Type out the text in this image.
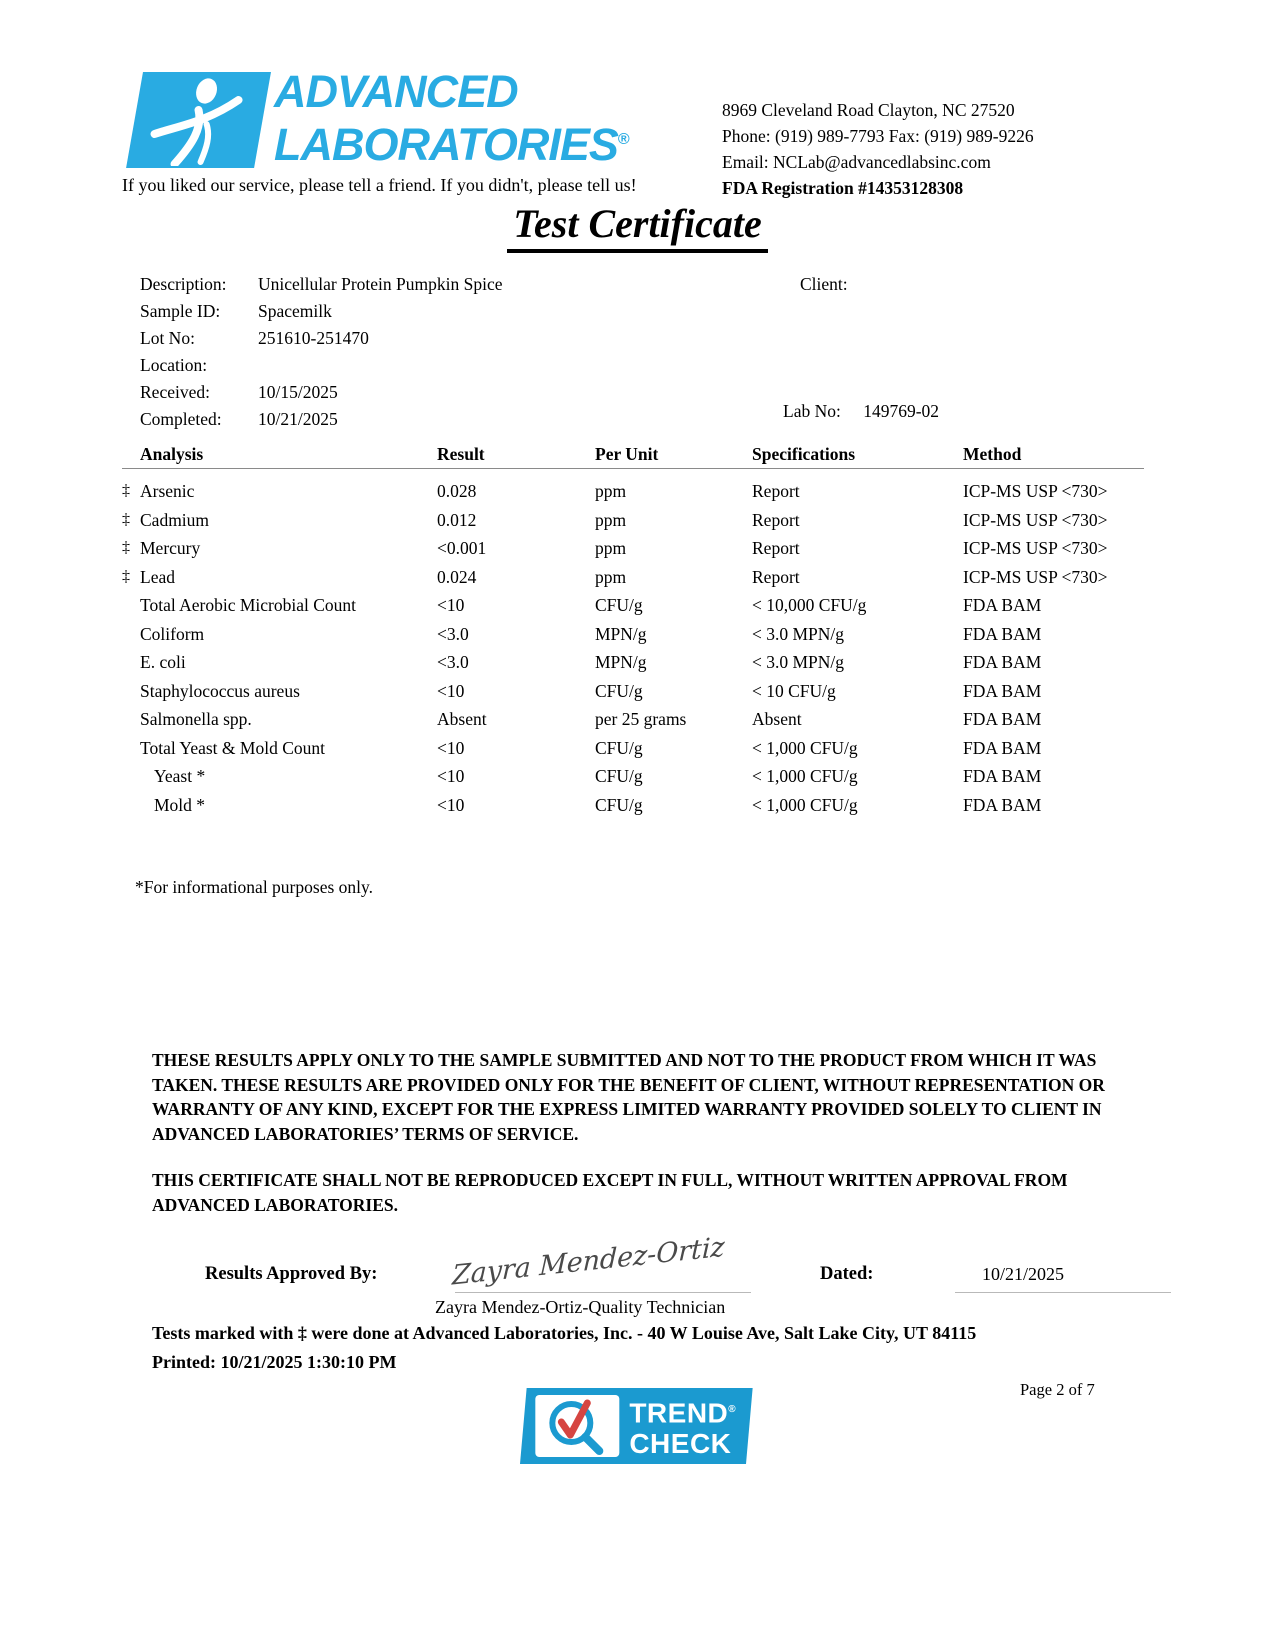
ADVANCED
LABORATORIES®
If you liked our service, please tell a friend. If you didn't, please tell us!
8969 Cleveland Road Clayton, NC 27520
Phone: (919) 989-7793 Fax: (919) 989-9226
Email: NCLab@advancedlabsinc.com
FDA Registration #14353128308
Test Certificate
Description:	Unicellular Protein Pumpkin Spice
Sample ID:	Spacemilk
Lot No:	251610-251470
Location:
Received:	10/15/2025
Completed:	10/21/2025
Client:
Lab No: 149769-02
Analysis	Result	Per Unit	Specifications	Method
‡ Arsenic	0.028	ppm	Report	ICP-MS USP <730>
‡ Cadmium	0.012	ppm	Report	ICP-MS USP <730>
‡ Mercury	<0.001	ppm	Report	ICP-MS USP <730>
‡ Lead	0.024	ppm	Report	ICP-MS USP <730>
Total Aerobic Microbial Count	<10	CFU/g	< 10,000 CFU/g	FDA BAM
Coliform	<3.0	MPN/g	< 3.0 MPN/g	FDA BAM
E. coli	<3.0	MPN/g	< 3.0 MPN/g	FDA BAM
Staphylococcus aureus	<10	CFU/g	< 10 CFU/g	FDA BAM
Salmonella spp.	Absent	per 25 grams	Absent	FDA BAM
Total Yeast & Mold Count	<10	CFU/g	< 1,000 CFU/g	FDA BAM
Yeast *	<10	CFU/g	< 1,000 CFU/g	FDA BAM
Mold *	<10	CFU/g	< 1,000 CFU/g	FDA BAM
*For informational purposes only.

THESE RESULTS APPLY ONLY TO THE SAMPLE SUBMITTED AND NOT TO THE PRODUCT FROM WHICH IT WAS TAKEN. THESE RESULTS ARE PROVIDED ONLY FOR THE BENEFIT OF CLIENT, WITHOUT REPRESENTATION OR WARRANTY OF ANY KIND, EXCEPT FOR THE EXPRESS LIMITED WARRANTY PROVIDED SOLELY TO CLIENT IN ADVANCED LABORATORIES’ TERMS OF SERVICE.

THIS CERTIFICATE SHALL NOT BE REPRODUCED EXCEPT IN FULL, WITHOUT WRITTEN APPROVAL FROM ADVANCED LABORATORIES.

Results Approved By:	Zayra Mendez-Ortiz	Dated:	10/21/2025
Zayra Mendez-Ortiz-Quality Technician
Tests marked with ‡ were done at Advanced Laboratories, Inc. - 40 W Louise Ave, Salt Lake City, UT 84115
Printed: 10/21/2025 1:30:10 PM
Page 2 of 7
TREND®
CHECK
